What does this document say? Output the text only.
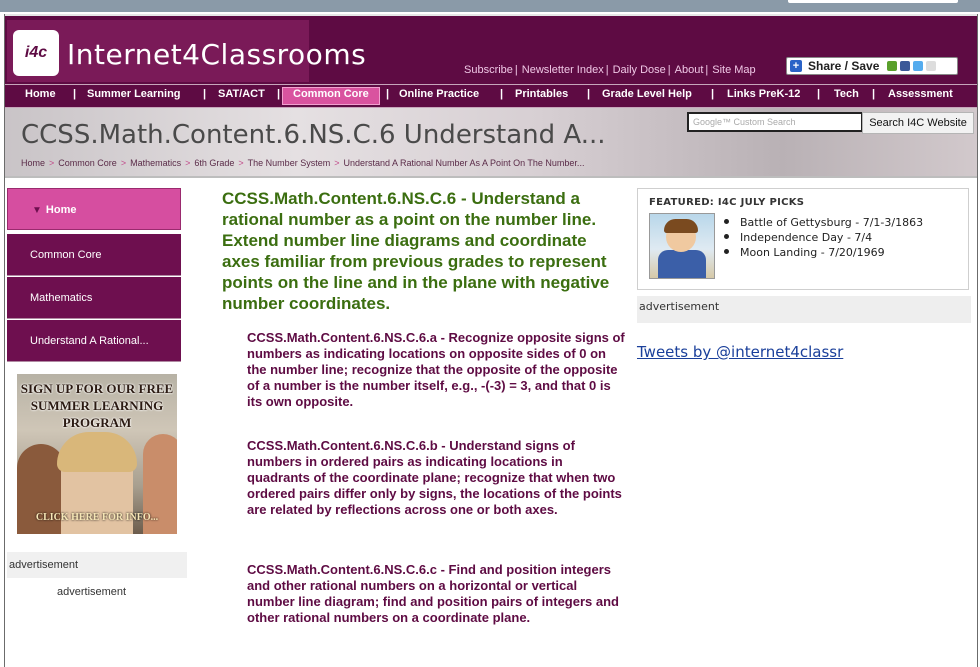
i4c Internet4Classrooms	Subscribe | Newsletter Index | Daily Dose | About | Site Map	+ Share / Save
Home | Summer Learning | SAT/ACT |	Common Core	| Online Practice | Printables | Grade Level Help | Links PreK-12 | Tech | Assessment
CCSS.Math.Content.6.NS.C.6 Understand A...
Home > Common Core > Mathematics > 6th Grade > The Number System > Understand A Rational Number As A Point On The Number...
Google™ Custom Search	Search I4C Website
▼ Home
Common Core
Mathematics
Understand A Rational...
SIGN UP FOR OUR FREE SUMMER LEARNING PROGRAM
CLICK HERE FOR INFO...
advertisement
advertisement
CCSS.Math.Content.6.NS.C.6 - Understand a rational number as a point on the number line. Extend number line diagrams and coordinate axes familiar from previous grades to represent points on the line and in the plane with negative number coordinates.
CCSS.Math.Content.6.NS.C.6.a - Recognize opposite signs of numbers as indicating locations on opposite sides of 0 on the number line; recognize that the opposite of the opposite of a number is the number itself, e.g., -(-3) = 3, and that 0 is its own opposite.
CCSS.Math.Content.6.NS.C.6.b - Understand signs of numbers in ordered pairs as indicating locations in quadrants of the coordinate plane; recognize that when two ordered pairs differ only by signs, the locations of the points are related by reflections across one or both axes.
CCSS.Math.Content.6.NS.C.6.c - Find and position integers and other rational numbers on a horizontal or vertical number line diagram; find and position pairs of integers and other rational numbers on a coordinate plane.
FEATURED: I4C JULY PICKS
Battle of Gettysburg - 7/1-3/1863
Independence Day - 7/4
Moon Landing - 7/20/1969
advertisement
Tweets by @internet4classr
